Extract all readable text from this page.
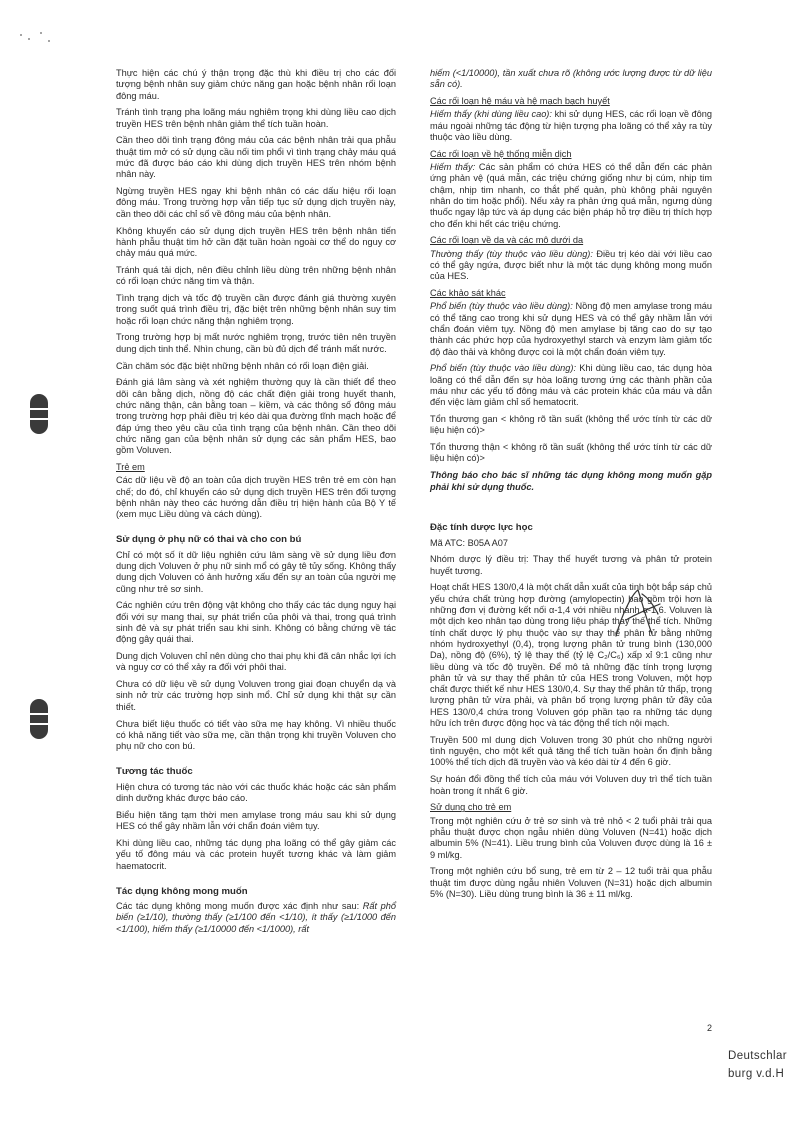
Thực hiện các chú ý thận trọng đặc thù khi điều trị cho các đối tượng bệnh nhân suy giảm chức năng gan hoặc bệnh nhân rối loạn đông máu.

Tránh tình trạng pha loãng máu nghiêm trọng khi dùng liều cao dịch truyền HES trên bệnh nhân giảm thể tích tuần hoàn.

Cần theo dõi tình trạng đông máu của các bệnh nhân trải qua phẫu thuật tim mở có sử dụng cầu nối tim phổi vì tình trạng chảy máu quá mức đã được báo cáo khi dùng dịch truyền HES trên nhóm bệnh nhân này.

Ngừng truyền HES ngay khi bệnh nhân có các dấu hiệu rối loạn đông máu. Trong trường hợp vẫn tiếp tục sử dụng dịch truyền này, cần theo dõi các chỉ số về đông máu của bệnh nhân.

Không khuyến cáo sử dụng dịch truyền HES trên bệnh nhân tiến hành phẫu thuật tim hở cần đặt tuần hoàn ngoài cơ thể do nguy cơ chảy máu quá mức.

Tránh quá tải dịch, nên điều chỉnh liều dùng trên những bệnh nhân có rối loạn chức năng tim và thận.

Tình trạng dịch và tốc độ truyền cần được đánh giá thường xuyên trong suốt quá trình điều trị, đặc biệt trên những bệnh nhân suy tim hoặc rối loạn chức năng thận nghiêm trọng.

Trong trường hợp bị mất nước nghiêm trọng, trước tiên nên truyền dung dịch tinh thể. Nhìn chung, cần bù đủ dịch để tránh mất nước.

Cần chăm sóc đặc biệt những bệnh nhân có rối loạn điện giải.

Đánh giá lâm sàng và xét nghiệm thường quy là cần thiết để theo dõi cân bằng dịch, nồng độ các chất điện giải trong huyết thanh, chức năng thận, cân bằng toan – kiềm, và các thông số đông máu trong trường hợp phải điều trị kéo dài qua đường tĩnh mạch hoặc để đáp ứng theo yêu cầu của tình trạng của bệnh nhân. Cần theo dõi chức năng gan của bệnh nhân sử dụng các sản phẩm HES, bao gồm Voluven.

Trẻ em

Các dữ liệu về độ an toàn của dịch truyền HES trên trẻ em còn hạn chế; do đó, chỉ khuyến cáo sử dụng dịch truyền HES trên đối tượng bệnh nhân này theo các hướng dẫn điều trị hiện hành của Bộ Y tế (xem mục Liều dùng và cách dùng).

Sử dụng ở phụ nữ có thai và cho con bú

Chỉ có một số ít dữ liệu nghiên cứu lâm sàng về sử dụng liều đơn dung dịch Voluven ở phụ nữ sinh mổ có gây tê tủy sống. Không thấy dung dịch Voluven có ảnh hưởng xấu đến sự an toàn của người mẹ cũng như trẻ sơ sinh.

Các nghiên cứu trên động vật không cho thấy các tác dụng nguy hại đối với sự mang thai, sự phát triển của phôi và thai, trong quá trình sinh đẻ và sự phát triển sau khi sinh. Không có bằng chứng về tác động gây quái thai.

Dung dịch Voluven chỉ nên dùng cho thai phụ khi đã cân nhắc lợi ích và nguy cơ có thể xảy ra đối với phôi thai.

Chưa có dữ liệu về sử dụng Voluven trong giai đoạn chuyển dạ và sinh nở trừ các trường hợp sinh mổ. Chỉ sử dụng khi thật sự cần thiết.

Chưa biết liệu thuốc có tiết vào sữa mẹ hay không. Vì nhiều thuốc có khả năng tiết vào sữa mẹ, cần thận trọng khi truyền Voluven cho phụ nữ cho con bú.

Tương tác thuốc

Hiện chưa có tương tác nào với các thuốc khác hoặc các sản phẩm dinh dưỡng khác được báo cáo.

Biểu hiện tăng tạm thời men amylase trong máu sau khi sử dụng HES có thể gây nhầm lẫn với chẩn đoán viêm tụy.

Khi dùng liều cao, những tác dụng pha loãng có thể gây giảm các yếu tố đông máu và các protein huyết tương khác và làm giảm haematocrit.

Tác dụng không mong muốn

Các tác dụng không mong muốn được xác định như sau: Rất phổ biến (≥1/10), thường thấy (≥1/100 đến <1/10), ít thấy (≥1/1000 đến <1/100), hiếm thấy (≥1/10000 đến <1/1000), rất

hiếm (<1/10000), tần xuất chưa rõ (không ước lượng được từ dữ liệu sẵn có).

Các rối loạn hệ máu và hệ mạch bạch huyết

Hiếm thấy (khi dùng liều cao): khi sử dụng HES, các rối loạn về đông máu ngoài những tác động từ hiện tượng pha loãng có thể xảy ra tùy thuộc vào liều dùng.

Các rối loạn về hệ thống miễn dịch

Hiếm thấy: Các sản phẩm có chứa HES có thể dẫn đến các phản ứng phản vệ (quá mẫn, các triệu chứng giống như bị cúm, nhịp tim chậm, nhịp tim nhanh, co thắt phế quản, phù không phải nguyên nhân do tim hoặc phổi). Nếu xảy ra phản ứng quá mẫn, ngưng dùng thuốc ngay lập tức và áp dụng các biện pháp hỗ trợ điều trị thích hợp cho đến khi hết các triệu chứng.

Các rối loạn về da và các mô dưới da

Thường thấy (tùy thuộc vào liều dùng): Điều trị kéo dài với liều cao có thể gây ngứa, được biết như là một tác dụng không mong muốn của HES.

Các khảo sát khác

Phổ biến (tùy thuộc vào liều dùng): Nồng độ men amylase trong máu có thể tăng cao trong khi sử dụng HES và có thể gây nhầm lẫn với chẩn đoán viêm tụy. Nồng độ men amylase bị tăng cao do sự tạo thành các phức hợp của hydroxyethyl starch và enzym làm giảm tốc độ đào thải và không được coi là một chẩn đoán viêm tụy.

Phổ biến (tùy thuộc vào liều dùng): Khi dùng liều cao, tác dụng hòa loãng có thể dẫn đến sự hòa loãng tương ứng các thành phần của máu như các yếu tố đông máu và các protein khác của máu và dẫn đến việc làm giảm chỉ số hematocrit.

Tổn thương gan < không rõ tần suất (không thể ước tính từ các dữ liệu hiện có)>

Tổn thương thận < không rõ tần suất (không thể ước tính từ các dữ liệu hiện có)>

Thông báo cho bác sĩ những tác dụng không mong muốn gặp phải khi sử dụng thuốc.

Đặc tính dược lực học

Mã ATC: B05A A07

Nhóm dược lý điều trị: Thay thế huyết tương và phân tử protein huyết tương.

Hoạt chất HES 130/0,4 là một chất dẫn xuất của tinh bột bắp sáp chủ yếu chứa chất trùng hợp đường (amylopectin) bao gồm trội hơn là những đơn vị đường kết nối α-1,4 với nhiều nhánh α-1,6. Voluven là một dịch keo nhân tạo dùng trong liệu pháp thay thế thể tích. Những tính chất dược lý phụ thuộc vào sự thay thế phân tử bằng những nhóm hydroxyethyl (0,4), trọng lượng phân tử trung bình (130,000 Da), nồng độ (6%), tỷ lệ thay thế (tỷ lệ C₂/C₆) xấp xỉ 9:1 cũng như liều dùng và tốc độ truyền. Để mô tả những đặc tính trọng lượng phân tử và sự thay thế phân tử của HES trong Voluven, một hợp chất được thiết kế như HES 130/0,4. Sự thay thế phân tử thấp, trọng lượng phân tử vừa phải, và phân bố trọng lượng phân tử đầy của HES 130/0,4 chứa trong Voluven góp phần tạo ra những tác dụng hữu ích trên được động học và tác động thể tích nội mạch.

Truyền 500 ml dung dịch Voluven trong 30 phút cho những người tình nguyện, cho một kết quả tăng thể tích tuần hoàn ổn định bằng 100% thể tích dịch đã truyền vào và kéo dài từ 4 đến 6 giờ.

Sự hoán đổi đồng thể tích của máu với Voluven duy trì thể tích tuần hoàn trong ít nhất 6 giờ.

Sử dụng cho trẻ em

Trong một nghiên cứu ở trẻ sơ sinh và trẻ nhỏ < 2 tuổi phải trải qua phẫu thuật được chọn ngẫu nhiên dùng Voluven (N=41) hoặc dịch albumin 5% (N=41). Liều trung bình của Voluven được dùng là 16 ± 9 ml/kg.

Trong một nghiên cứu bổ sung, trẻ em từ 2 – 12 tuổi trải qua phẫu thuật tim được dùng ngẫu nhiên Voluven (N=31) hoặc dịch albumin 5% (N=30). Liều dùng trung bình là 36 ± 11 ml/kg.

2
Deutschlar
burg v.d.H
